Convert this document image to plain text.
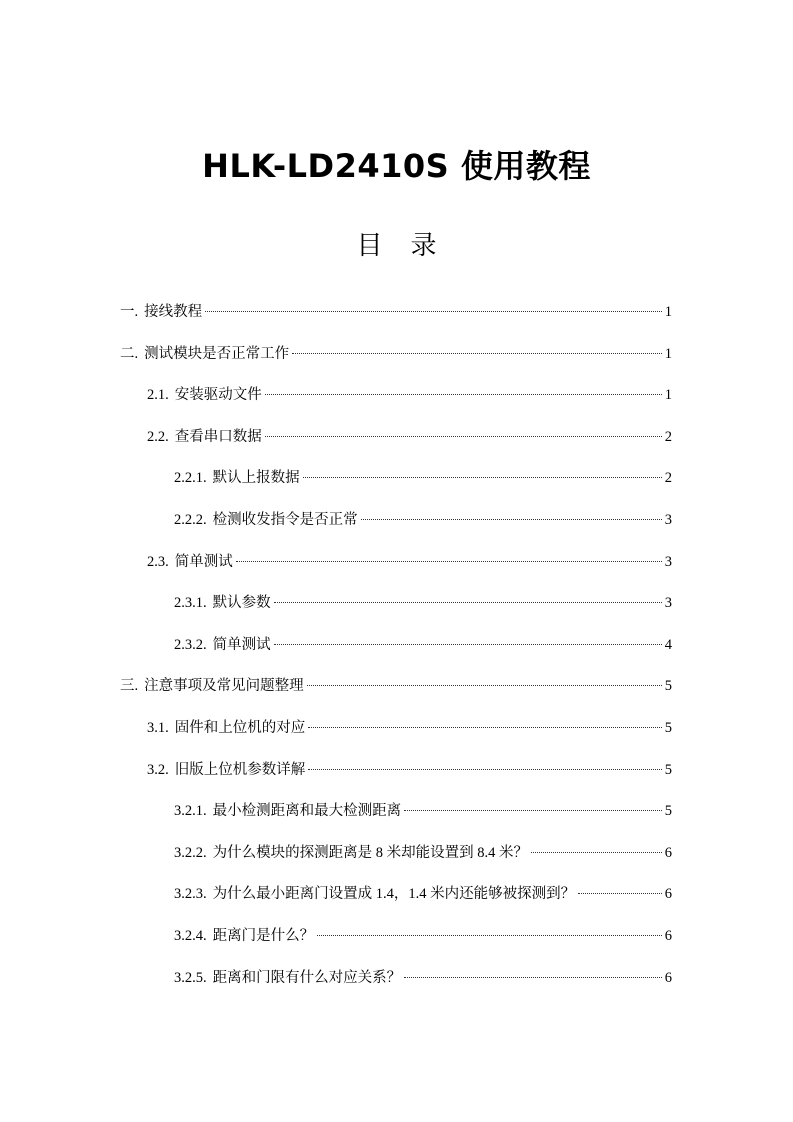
HLK-LD2410S 使用教程
目录
一. 接线教程	1
二. 测试模块是否正常工作	1
2.1. 安装驱动文件	1
2.2. 查看串口数据	2
2.2.1. 默认上报数据	2
2.2.2. 检测收发指令是否正常	3
2.3. 简单测试	3
2.3.1. 默认参数	3
2.3.2. 简单测试	4
三. 注意事项及常见问题整理	5
3.1. 固件和上位机的对应	5
3.2. 旧版上位机参数详解	5
3.2.1. 最小检测距离和最大检测距离	5
3.2.2. 为什么模块的探测距离是 8 米却能设置到 8.4 米？	6
3.2.3. 为什么最小距离门设置成 1.4，1.4 米内还能够被探测到？	6
3.2.4. 距离门是什么？	6
3.2.5. 距离和门限有什么对应关系？	6
